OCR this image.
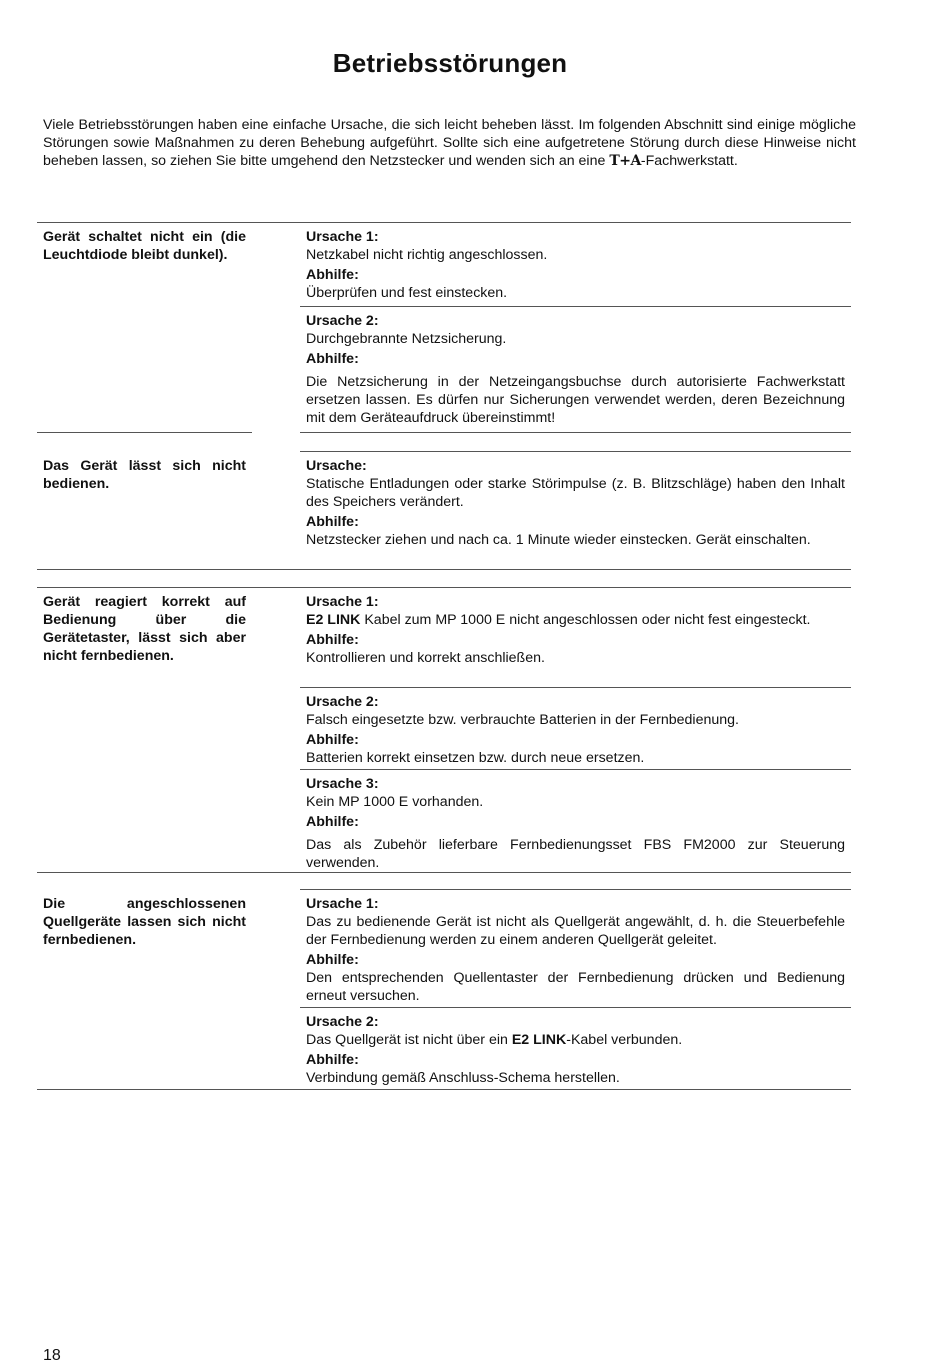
Betriebsstörungen
Viele Betriebsstörungen haben eine einfache Ursache, die sich leicht beheben lässt. Im folgenden Abschnitt sind einige mögliche Störungen sowie Maßnahmen zu deren Behebung aufgeführt. Sollte sich eine aufgetretene Störung durch diese Hinweise nicht beheben lassen, so ziehen Sie bitte umgehend den Netzstecker und wenden sich an eine T+A-Fachwerkstatt.
Gerät schaltet nicht ein (die Leuchtdiode bleibt dunkel).
Ursache 1:
Netzkabel nicht richtig angeschlossen.
Abhilfe:
Überprüfen und fest einstecken.
Ursache 2:
Durchgebrannte Netzsicherung.
Abhilfe:
Die Netzsicherung in der Netzeingangsbuchse durch autorisierte Fachwerkstatt ersetzen lassen. Es dürfen nur Sicherungen verwendet werden, deren Bezeichnung mit dem Geräteaufdruck übereinstimmt!
Das Gerät lässt sich nicht bedienen.
Ursache:
Statische Entladungen oder starke Störimpulse (z. B. Blitzschläge) haben den Inhalt des Speichers verändert.
Abhilfe:
Netzstecker ziehen und nach ca. 1 Minute wieder einstecken. Gerät einschalten.
Gerät reagiert korrekt auf Bedienung über die Gerätetaster, lässt sich aber nicht fernbedienen.
Ursache 1:
E2 LINK Kabel zum MP 1000 E nicht angeschlossen oder nicht fest eingesteckt.
Abhilfe:
Kontrollieren und korrekt anschließen.
Ursache 2:
Falsch eingesetzte bzw. verbrauchte Batterien in der Fernbedienung.
Abhilfe:
Batterien korrekt einsetzen bzw. durch neue ersetzen.
Ursache 3:
Kein MP 1000 E vorhanden.
Abhilfe:
Das als Zubehör lieferbare Fernbedienungsset FBS FM2000 zur Steuerung verwenden.
Die angeschlossenen Quellgeräte lassen sich nicht fernbedienen.
Ursache 1:
Das zu bedienende Gerät ist nicht als Quellgerät angewählt, d. h. die Steuerbefehle der Fernbedienung werden zu einem anderen Quellgerät geleitet.
Abhilfe:
Den entsprechenden Quellentaster der Fernbedienung drücken und Bedienung erneut versuchen.
Ursache 2:
Das Quellgerät ist nicht über ein E2 LINK-Kabel verbunden.
Abhilfe:
Verbindung gemäß Anschluss-Schema herstellen.
18
